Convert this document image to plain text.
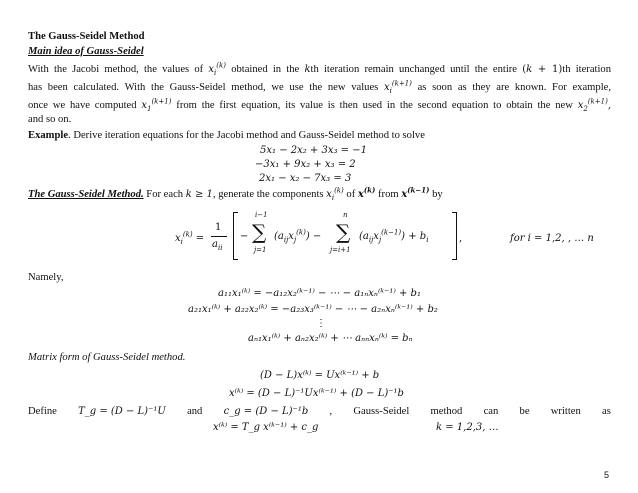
The Gauss-Seidel Method
Main idea of Gauss-Seidel
With the Jacobi method, the values of $x_i^{(k)}$ obtained in the kth iteration remain unchanged until the entire (k + 1)th iteration
has been calculated. With the Gauss-Seidel method, we use the new values $x_i^{(k+1)}$ as soon as they are known. For example,
once we have computed $x_1^{(k+1)}$ from the first equation, its value is then used in the second equation to obtain the new $x_2^{(k+1)}$,
and so on.
Example. Derive iteration equations for the Jacobi method and Gauss-Seidel method to solve
5x₁ − 2x₂ + 3x₃ = −1
−3x₁ + 9x₂ + x₃ = 2
2x₁ − x₂ − 7x₃ = 3
The Gauss-Seidel Method. For each k ≥ 1, generate the components $x_i^{(k)}$ of $x^{(k)}$ from $x^{(k-1)}$ by
$x_i^{(k)}$ =
1
$a_{ii}$
−
i−1
∑
j=1
$(a_{ij}x_j^{(k)})$ −
n
∑
j=i+1
$(a_{ij}x_j^{(k-1)}) + b_i$	,	for i = 1,2, , … n
Namely,
a₁₁x₁⁽ᵏ⁾ = −a₁₂x₂⁽ᵏ⁻¹⁾ − ⋯ − a₁ₙxₙ⁽ᵏ⁻¹⁾ + b₁
a₂₁x₁⁽ᵏ⁾ + a₂₂x₂⁽ᵏ⁾ = −a₂₃x₃⁽ᵏ⁻¹⁾ − ⋯ − a₂ₙxₙ⁽ᵏ⁻¹⁾ + b₂
⋮
aₙ₁x₁⁽ᵏ⁾ + aₙ₂x₂⁽ᵏ⁾ + ⋯ aₙₙxₙ⁽ᵏ⁾ = bₙ
Matrix form of Gauss-Seidel method.
(D − L)x⁽ᵏ⁾ = Ux⁽ᵏ⁻¹⁾ + b
x⁽ᵏ⁾ = (D − L)⁻¹Ux⁽ᵏ⁻¹⁾ + (D − L)⁻¹b
Define T_g = (D − L)⁻¹U and c_g = (D − L)⁻¹b , Gauss-Seidel method can be written as
x⁽ᵏ⁾ = T_g x⁽ᵏ⁻¹⁾ + c_g	k = 1,2,3, …
5
